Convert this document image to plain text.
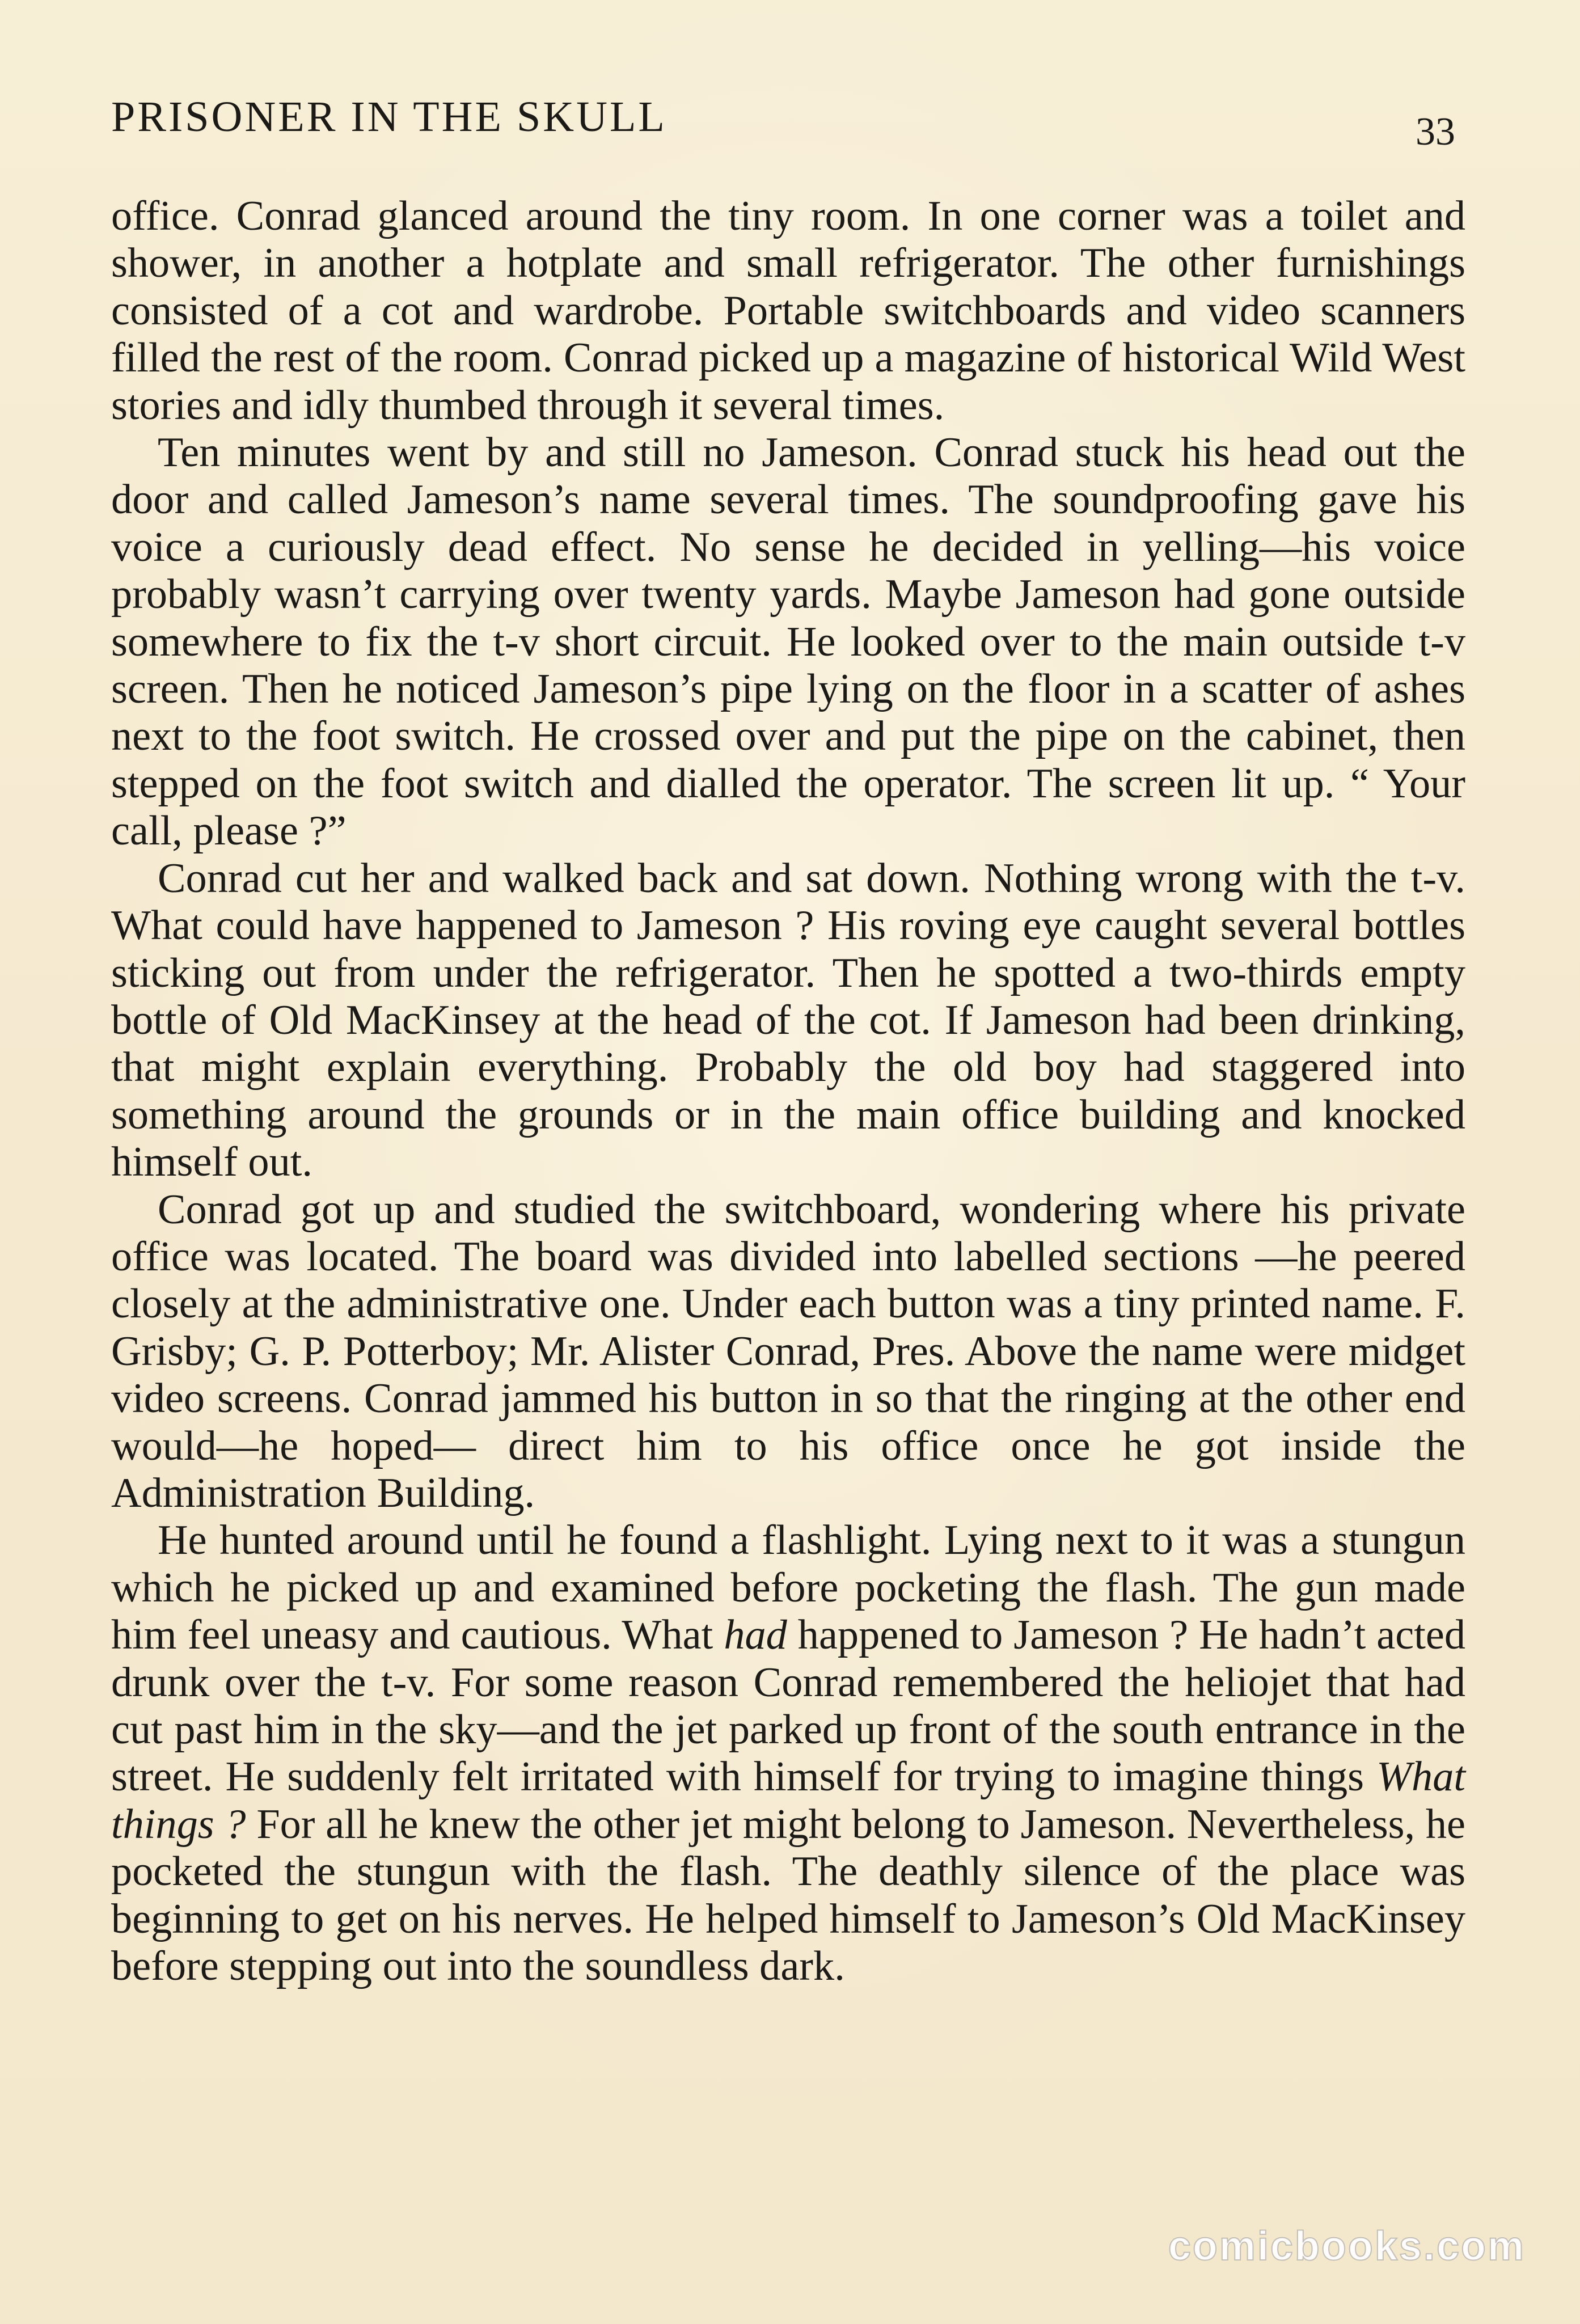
PRISONER IN THE SKULL	33

office. Conrad glanced around the tiny room. In one corner was a toilet and shower, in another a hotplate and small refrigerator. The other furnishings consisted of a cot and wardrobe. Portable switchboards and video scanners filled the rest of the room. Conrad picked up a magazine of historical Wild West stories and idly thumbed through it several times.

Ten minutes went by and still no Jameson. Conrad stuck his head out the door and called Jameson’s name several times. The soundproofing gave his voice a curiously dead effect. No sense he decided in yelling—his voice probably wasn’t carrying over twenty yards. Maybe Jameson had gone outside somewhere to fix the t-v short circuit. He looked over to the main outside t-v screen. Then he noticed Jameson’s pipe lying on the floor in a scatter of ashes next to the foot switch. He crossed over and put the pipe on the cabinet, then stepped on the foot switch and dialled the operator. The screen lit up. “ Your call, please ?”

Conrad cut her and walked back and sat down. Nothing wrong with the t-v. What could have happened to Jameson ? His roving eye caught several bottles sticking out from under the refrigerator. Then he spotted a two-thirds empty bottle of Old MacKinsey at the head of the cot. If Jameson had been drinking, that might explain everything. Probably the old boy had staggered into something around the grounds or in the main office building and knocked himself out.

Conrad got up and studied the switchboard, wondering where his private office was located. The board was divided into labelled sections —he peered closely at the administrative one. Under each button was a tiny printed name. F. Grisby; G. P. Potterboy; Mr. Alister Conrad, Pres. Above the name were midget video screens. Conrad jammed his button in so that the ringing at the other end would—he hoped— direct him to his office once he got inside the Administration Building.

He hunted around until he found a flashlight. Lying next to it was a stungun which he picked up and examined before pocketing the flash. The gun made him feel uneasy and cautious. What had happened to Jameson ? He hadn’t acted drunk over the t-v. For some reason Conrad remembered the heliojet that had cut past him in the sky—and the jet parked up front of the south entrance in the street. He suddenly felt irritated with himself for trying to imagine things What things ? For all he knew the other jet might belong to Jameson. Nevertheless, he pocketed the stungun with the flash. The deathly silence of the place was beginning to get on his nerves. He helped himself to Jameson’s Old MacKinsey before stepping out into the soundless dark.

comicbooks.com
